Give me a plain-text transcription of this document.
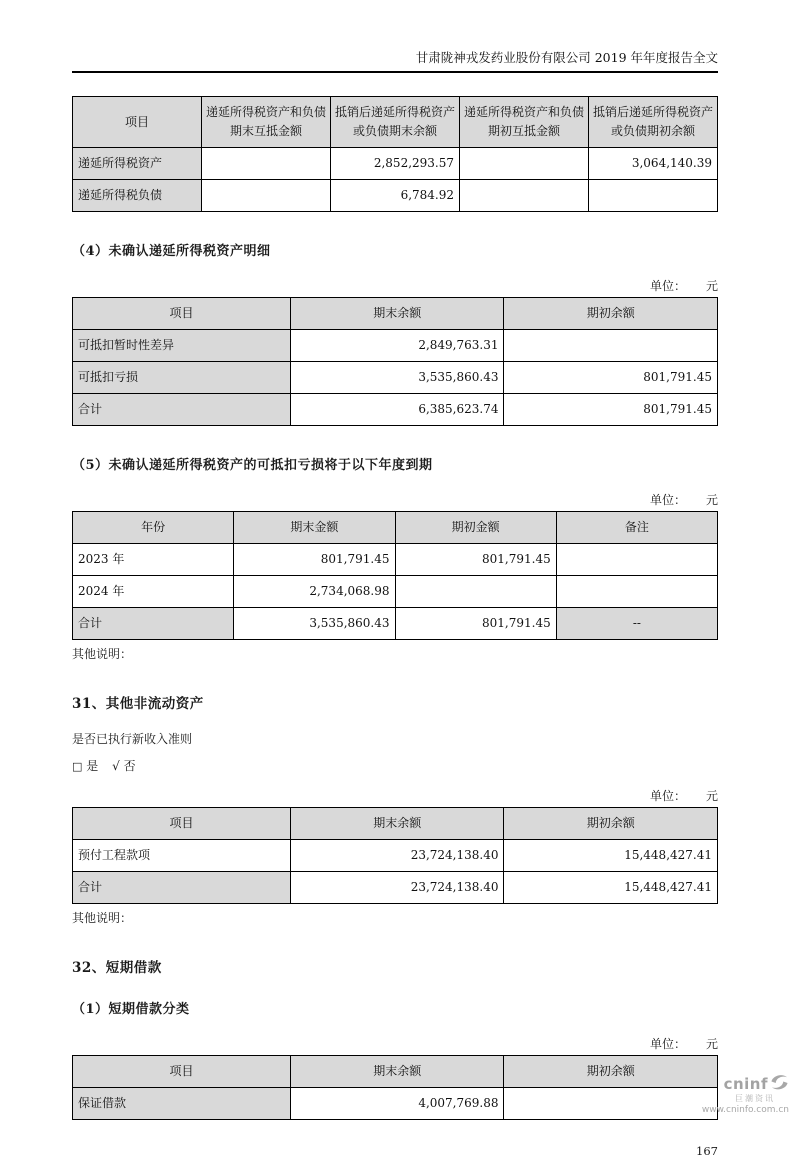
甘肃陇神戎发药业股份有限公司 2019 年年度报告全文
项目	递延所得税资产和负债期末互抵金额	抵销后递延所得税资产或负债期末余额	递延所得税资产和负债期初互抵金额	抵销后递延所得税资产或负债期初余额
递延所得税资产		2,852,293.57		3,064,140.39
递延所得税负债		6,784.92		
（4）未确认递延所得税资产明细
单位： 元
项目	期末余额	期初余额
可抵扣暂时性差异	2,849,763.31	
可抵扣亏损	3,535,860.43	801,791.45
合计	6,385,623.74	801,791.45
（5）未确认递延所得税资产的可抵扣亏损将于以下年度到期
单位： 元
年份	期末金额	期初金额	备注
2023 年	801,791.45	801,791.45	
2024 年	2,734,068.98		
合计	3,535,860.43	801,791.45	--
其他说明：
31、其他非流动资产
是否已执行新收入准则
□ 是 √ 否
单位： 元
项目	期末余额	期初余额
预付工程款项	23,724,138.40	15,448,427.41
合计	23,724,138.40	15,448,427.41
其他说明：
32、短期借款
（1）短期借款分类
单位： 元
项目	期末余额	期初余额
保证借款	4,007,769.88	
167
cninf
巨潮资讯
www.cninfo.com.cn
